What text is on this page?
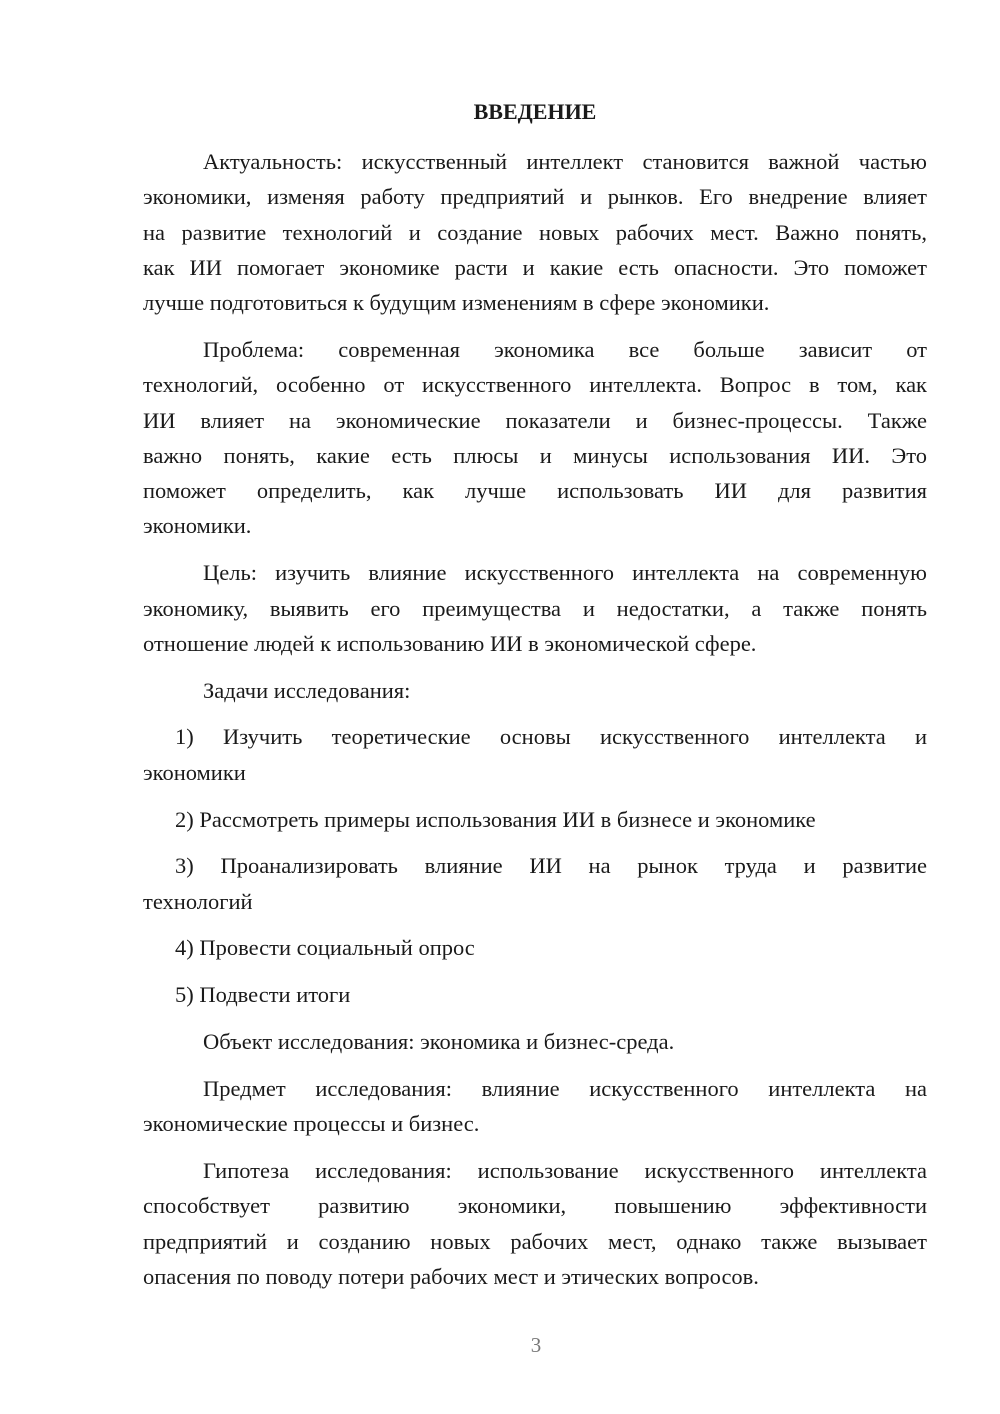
ВВЕДЕНИЕ
Актуальность: искусственный интеллект становится важной частью
экономики, изменяя работу предприятий и рынков. Его внедрение влияет
на развитие технологий и создание новых рабочих мест. Важно понять,
как ИИ помогает экономике расти и какие есть опасности. Это поможет
лучше подготовиться к будущим изменениям в сфере экономики.
Проблема: современная экономика все больше зависит от
технологий, особенно от искусственного интеллекта. Вопрос в том, как
ИИ влияет на экономические показатели и бизнес-процессы. Также
важно понять, какие есть плюсы и минусы использования ИИ. Это
поможет определить, как лучше использовать ИИ для развития
экономики.
Цель: изучить влияние искусственного интеллекта на современную
экономику, выявить его преимущества и недостатки, а также понять
отношение людей к использованию ИИ в экономической сфере.
Задачи исследования:
1) Изучить теоретические основы искусственного интеллекта и
экономики
2) Рассмотреть примеры использования ИИ в бизнесе и экономике
3) Проанализировать влияние ИИ на рынок труда и развитие
технологий
4) Провести социальный опрос
5) Подвести итоги
Объект исследования: экономика и бизнес-среда.
Предмет исследования: влияние искусственного интеллекта на
экономические процессы и бизнес.
Гипотеза исследования: использование искусственного интеллекта
способствует развитию экономики, повышению эффективности
предприятий и созданию новых рабочих мест, однако также вызывает
опасения по поводу потери рабочих мест и этических вопросов.
3
